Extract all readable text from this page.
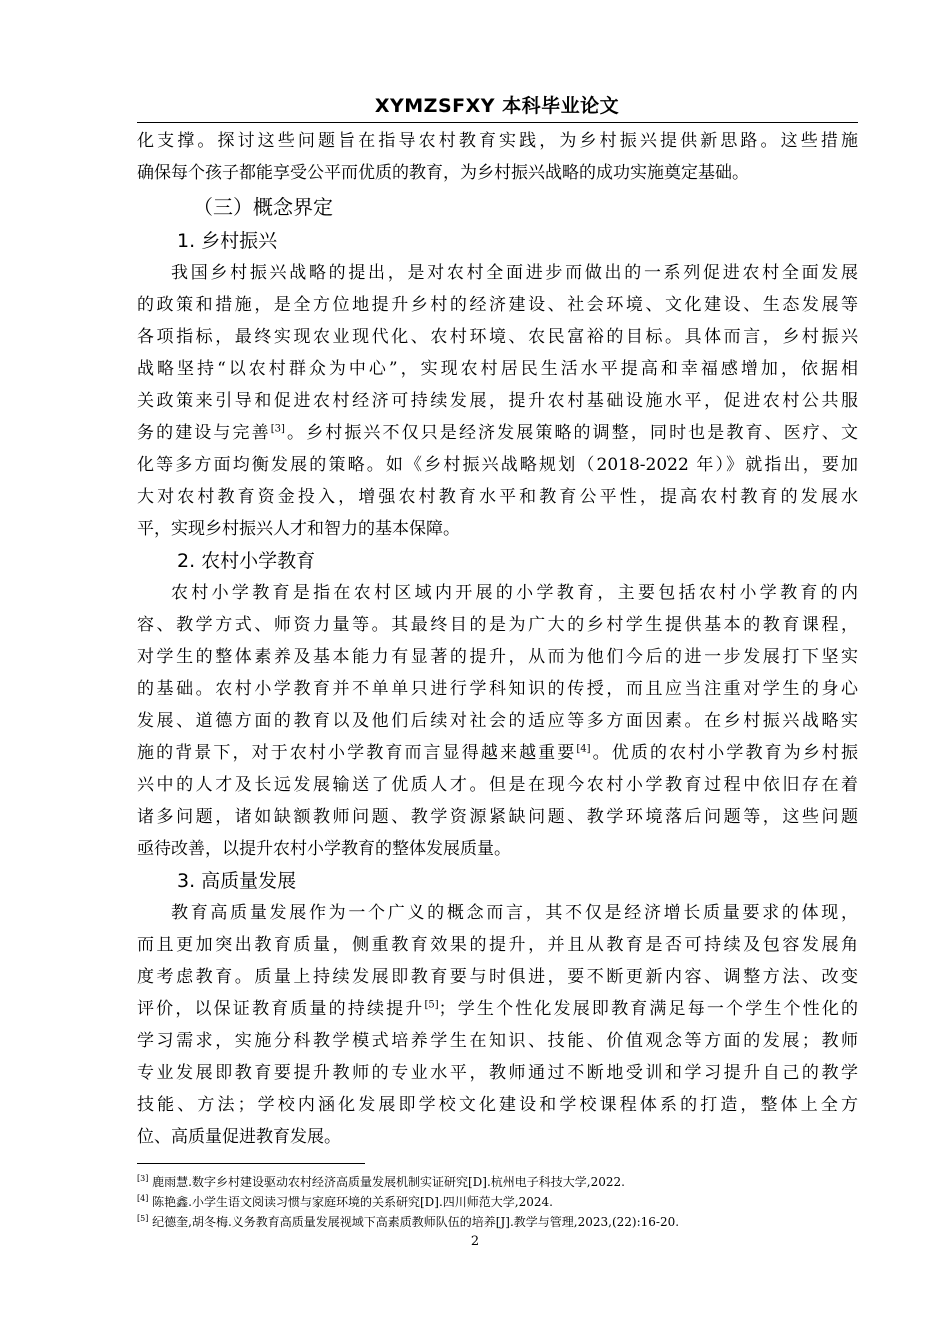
XYMZSFXY 本科毕业论文
化支撑。探讨这些问题旨在指导农村教育实践，为乡村振兴提供新思路。这些措施
确保每个孩子都能享受公平而优质的教育，为乡村振兴战略的成功实施奠定基础。
（三）概念界定
1. 乡村振兴
我国乡村振兴战略的提出，是对农村全面进步而做出的一系列促进农村全面发展
的政策和措施，是全方位地提升乡村的经济建设、社会环境、文化建设、生态发展等
各项指标，最终实现农业现代化、农村环境、农民富裕的目标。具体而言，乡村振兴
战略坚持“以农村群众为中心”，实现农村居民生活水平提高和幸福感增加，依据相
关政策来引导和促进农村经济可持续发展，提升农村基础设施水平，促进农村公共服
务的建设与完善[3]。乡村振兴不仅只是经济发展策略的调整，同时也是教育、医疗、文
化等多方面均衡发展的策略。如《乡村振兴战略规划（2018-2022 年）》就指出，要加
大对农村教育资金投入，增强农村教育水平和教育公平性，提高农村教育的发展水
平，实现乡村振兴人才和智力的基本保障。
2. 农村小学教育
农村小学教育是指在农村区域内开展的小学教育，主要包括农村小学教育的内
容、教学方式、师资力量等。其最终目的是为广大的乡村学生提供基本的教育课程，
对学生的整体素养及基本能力有显著的提升，从而为他们今后的进一步发展打下坚实
的基础。农村小学教育并不单单只进行学科知识的传授，而且应当注重对学生的身心
发展、道德方面的教育以及他们后续对社会的适应等多方面因素。在乡村振兴战略实
施的背景下，对于农村小学教育而言显得越来越重要[4]。优质的农村小学教育为乡村振
兴中的人才及长远发展输送了优质人才。但是在现今农村小学教育过程中依旧存在着
诸多问题，诸如缺额教师问题、教学资源紧缺问题、教学环境落后问题等，这些问题
亟待改善，以提升农村小学教育的整体发展质量。
3. 高质量发展
教育高质量发展作为一个广义的概念而言，其不仅是经济增长质量要求的体现，
而且更加突出教育质量，侧重教育效果的提升，并且从教育是否可持续及包容发展角
度考虑教育。质量上持续发展即教育要与时俱进，要不断更新内容、调整方法、改变
评价，以保证教育质量的持续提升[5]；学生个性化发展即教育满足每一个学生个性化的
学习需求，实施分科教学模式培养学生在知识、技能、价值观念等方面的发展；教师
专业发展即教育要提升教师的专业水平，教师通过不断地受训和学习提升自己的教学
技能、方法；学校内涵化发展即学校文化建设和学校课程体系的打造，整体上全方
位、高质量促进教育发展。
[3] 鹿雨慧.数字乡村建设驱动农村经济高质量发展机制实证研究[D].杭州电子科技大学,2022.
[4] 陈艳鑫.小学生语文阅读习惯与家庭环境的关系研究[D].四川师范大学,2024.
[5] 纪德奎,胡冬梅.义务教育高质量发展视域下高素质教师队伍的培养[J].教学与管理,2023,(22):16-20.
2
